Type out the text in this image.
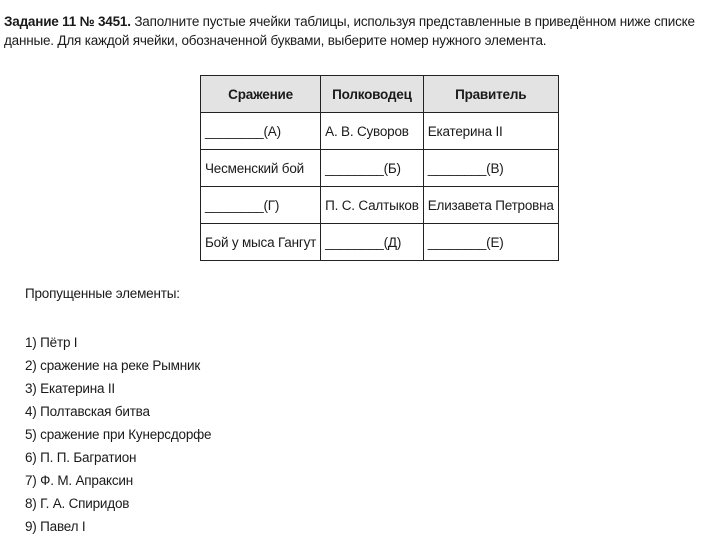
Задание 11 № 3451. Заполните пустые ячейки таблицы, используя представленные в приведённом ниже списке данные. Для каждой ячейки, обозначенной буквами, выберите номер нужного элемента.
Сражение	Полководец	Правитель
________(А)	А. В. Суворов	Екатерина II
Чесменский бой	________(Б)	________(В)
________(Г)	П. С. Салтыков	Елизавета Петровна
Бой у мыса Гангут	________(Д)	________(Е)
Пропущенные элементы:
1) Пётр I
2) сражение на реке Рымник
3) Екатерина II
4) Полтавская битва
5) сражение при Кунерсдорфе
6) П. П. Багратион
7) Ф. М. Апраксин
8) Г. А. Спиридов
9) Павел I
